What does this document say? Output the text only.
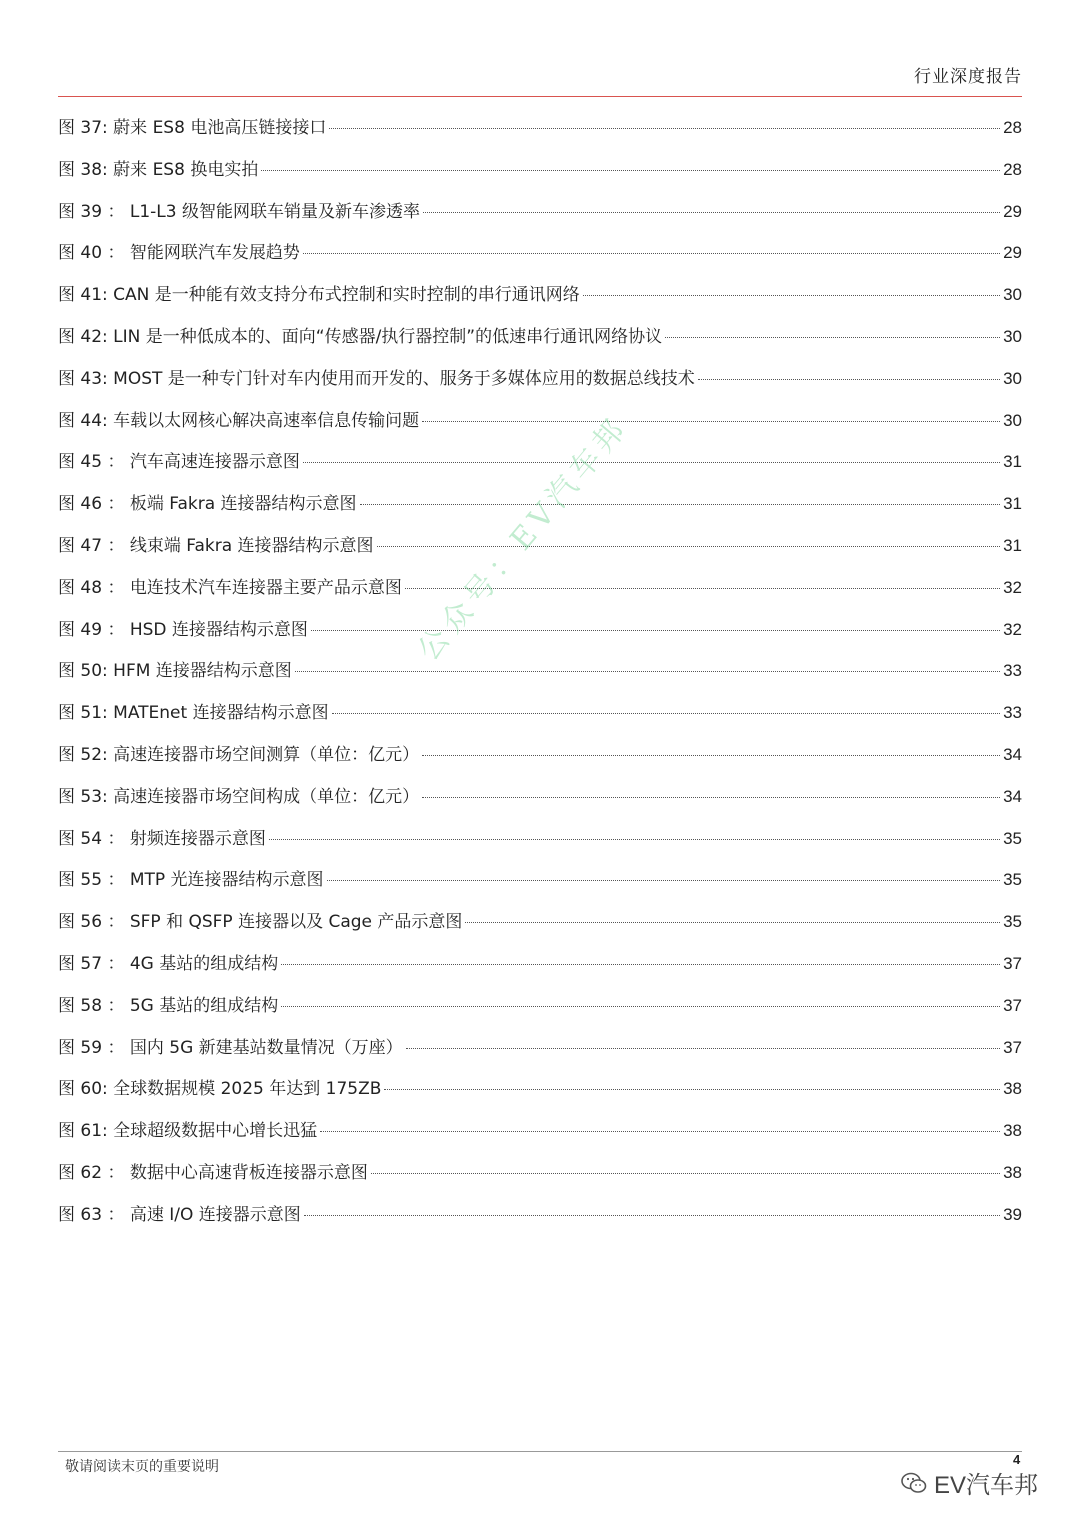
行业深度报告
图 37: 蔚来 ES8 电池高压链接接口	28
图 38: 蔚来 ES8 换电实拍	28
图 39 ： L1-L3 级智能网联车销量及新车渗透率	29
图 40 ： 智能网联汽车发展趋势	29
图 41: CAN 是一种能有效支持分布式控制和实时控制的串行通讯网络	30
图 42: LIN 是一种低成本的、面向“传感器/执行器控制”的低速串行通讯网络协议	30
图 43: MOST 是一种专门针对车内使用而开发的、服务于多媒体应用的数据总线技术	30
图 44: 车载以太网核心解决高速率信息传输问题	30
图 45 ： 汽车高速连接器示意图	31
图 46 ： 板端 Fakra 连接器结构示意图	31
图 47 ： 线束端 Fakra 连接器结构示意图	31
图 48 ： 电连技术汽车连接器主要产品示意图	32
图 49 ： HSD 连接器结构示意图	32
图 50: HFM 连接器结构示意图	33
图 51: MATEnet 连接器结构示意图	33
图 52: 高速连接器市场空间测算（单位：亿元）	34
图 53: 高速连接器市场空间构成（单位：亿元）	34
图 54 ： 射频连接器示意图	35
图 55 ： MTP 光连接器结构示意图	35
图 56 ： SFP 和 QSFP 连接器以及 Cage 产品示意图	35
图 57 ： 4G 基站的组成结构	37
图 58 ： 5G 基站的组成结构	37
图 59 ： 国内 5G 新建基站数量情况（万座）	37
图 60: 全球数据规模 2025 年达到 175ZB	38
图 61: 全球超级数据中心增长迅猛	38
图 62 ： 数据中心高速背板连接器示意图	38
图 63 ： 高速 I/O 连接器示意图	39
公众号：EV汽车邦
敬请阅读末页的重要说明	4
EV汽车邦
